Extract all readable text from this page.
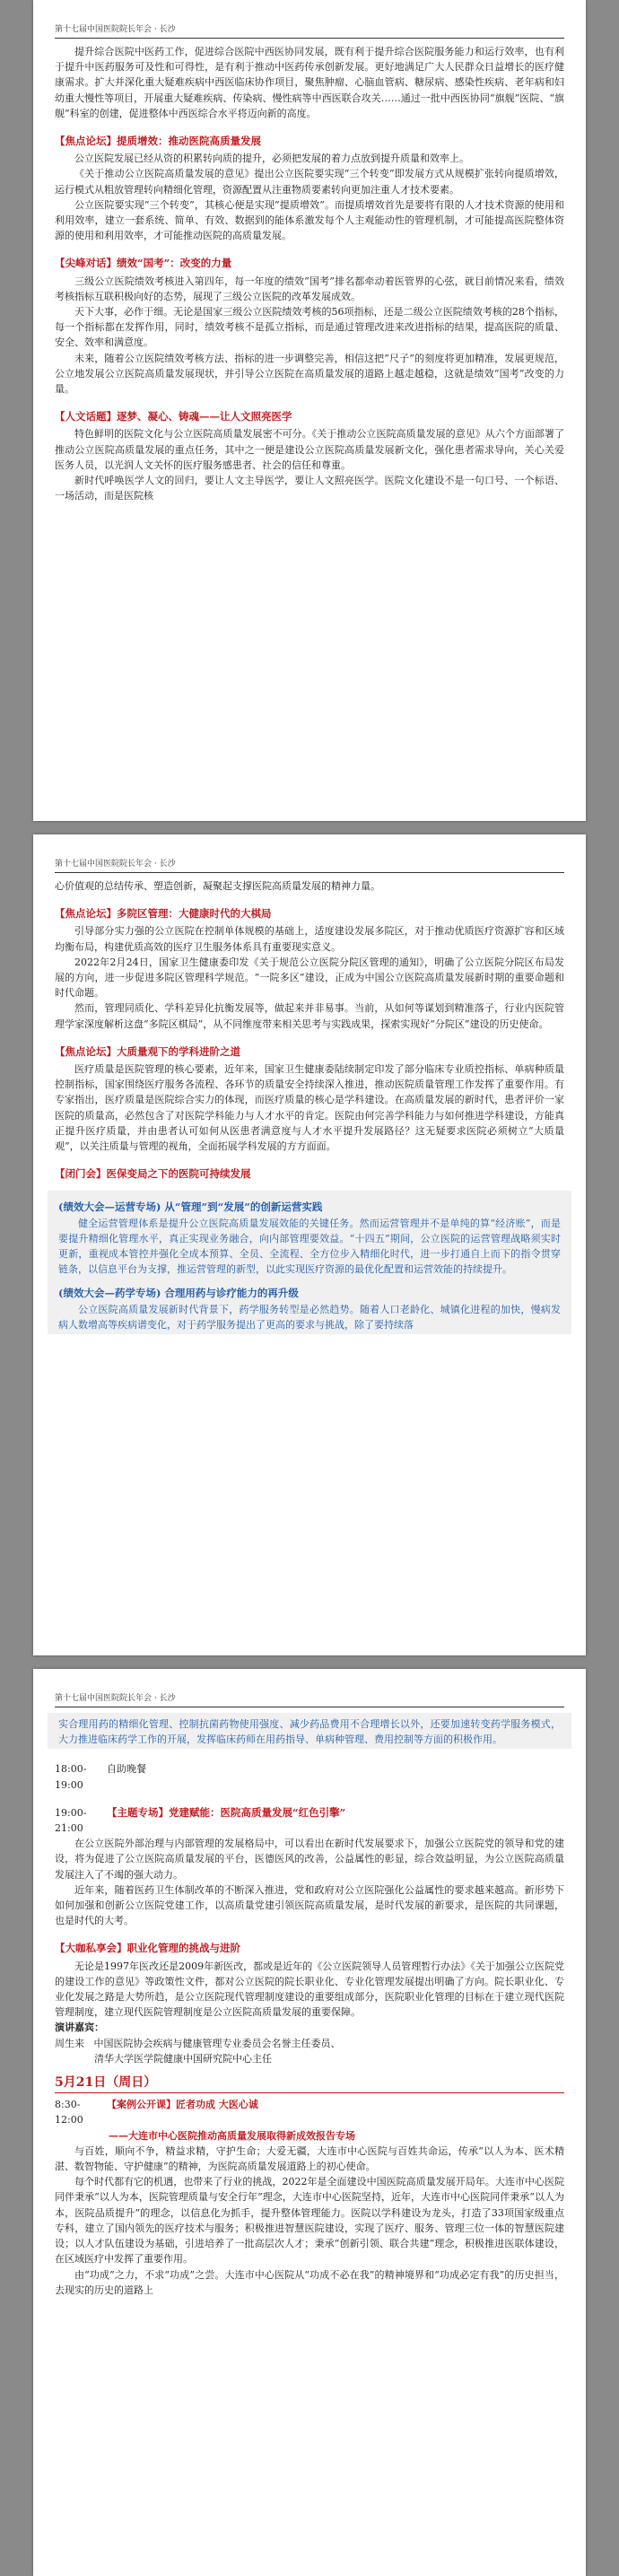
第十七届中国医院院长年会 · 长沙

提升综合医院中医药工作，促进综合医院中西医协同发展，既有利于提升综合医院服务能力和运行效率，也有利于提升中医药服务可及性和可得性，是有利于推动中医药传承创新发展。更好地满足广大人民群众日益增长的医疗健康需求。扩大并深化重大疑难疾病中西医临床协作项目，聚焦肿瘤、心脑血管病、糖尿病、感染性疾病、老年病和妇幼重大慢性等项目，开展重大疑难疾病、传染病、慢性病等中西医联合攻关……通过一批中西医协同“旗舰”医院、“旗舰”科室的创建，促进整体中西医综合水平将迈向新的高度。

【焦点论坛】提质增效：推动医院高质量发展

公立医院发展已经从资的积累转向质的提升，必须把发展的着力点放到提升质量和效率上。

《关于推动公立医院高质量发展的意见》提出公立医院要实现“三个转变”即发展方式从规模扩张转向提质增效，运行模式从粗放管理转向精细化管理，资源配置从注重物质要素转向更加注重人才技术要素。

公立医院要实现“三个转变”，其核心便是实现“提质增效”。而提质增效首先是要将有限的人才技术资源的使用和利用效率，建立一套系统、简单、有效、数据到的能体系激发每个人主观能动性的管理机制，才可能提高医院整体资源的使用和利用效率，才可能推动医院的高质量发展。

【尖峰对话】绩效“国考”：改变的力量

三级公立医院绩效考核进入第四年，每一年度的绩效“国考”排名都牵动着医管界的心弦，就目前情况来看，绩效考核指标互联积极向好的态势，展现了三级公立医院的改革发展成效。

天下大事，必作于细。无论是国家三级公立医院绩效考核的56项指标，还是二级公立医院绩效考核的28个指标，每一个指标都在发挥作用，同时，绩效考核不是孤立指标，而是通过管理改进来改进指标的结果，提高医院的质量、安全、效率和满意度。

未来，随着公立医院绩效考核方法、指标的进一步调整完善，相信这把“尺子”的刻度将更加精准，发展更规范，公立地发展公立医院高质量发展现状，并引导公立医院在高质量发展的道路上越走越稳，这就是绩效“国考”改变的力量。

【人文话题】逐梦、凝心、铸魂——让人文照亮医学

特色鲜明的医院文化与公立医院高质量发展密不可分。《关于推动公立医院高质量发展的意见》从六个方面部署了推动公立医院高质量发展的重点任务，其中之一便是建设公立医院高质量发展新文化，强化患者需求导向，关心关爱医务人员，以光润人文关怀的医疗服务感患者、社会的信任和尊重。

新时代呼唤医学人文的回归，要让人文主导医学，要让人文照亮医学。医院文化建设不是一句口号、一个标语、一场活动，而是医院核

第十七届中国医院院长年会 · 长沙

心价值观的总结传承、塑造创新，凝聚起支撑医院高质量发展的精神力量。

【焦点论坛】多院区管理：大健康时代的大棋局

引导部分实力强的公立医院在控制单体规模的基础上，适度建设发展多院区，对于推动优质医疗资源扩容和区域均衡布局，构建优质高效的医疗卫生服务体系具有重要现实意义。

2022年2月24日，国家卫生健康委印发《关于规范公立医院分院区管理的通知》，明确了公立医院分院区布局发展的方向，进一步促进多院区管理科学规范。“一院多区”建设，正成为中国公立医院高质量发展新时期的重要命题和时代命题。

然而，管理同质化、学科差异化抗衡发展等，做起来并非易事。当前，从如何等谋划到精准落子，行业内医院管理学家深度解析这盘“多院区棋局”，从不同维度带来相关思考与实践成果，探索实现好“分院区”建设的历史使命。

【焦点论坛】大质量观下的学科进阶之道

医疗质量是医院管理的核心要素，近年来，国家卫生健康委陆续制定印发了部分临床专业质控指标、单病种质量控制指标，国家围绕医疗服务各流程、各环节的质量安全持续深入推进，推动医院质量管理工作发挥了重要作用。有专家指出，医疗质量是医院综合实力的体现，而医疗质量的核心是学科建设。在高质量发展的新时代，患者评价一家医院的质量高，必然包含了对医院学科能力与人才水平的肯定。医院由何完善学科能力与如何推进学科建设，方能真正提升医疗质量，并由患者认可如何从医患者满意度与人才水平提升发展路径？这无疑要求医院必须树立“大质量观”，以关注质量与管理的视角，全面拓展学科发展的方方面面。

【闭门会】医保变局之下的医院可持续发展
(绩效大会—运营专场) 从“管理”到“发展”的创新运营实践

健全运营管理体系是提升公立医院高质量发展效能的关键任务。然而运营管理并不是单纯的算“经济账”，而是要提升精细化管理水平，真正实现业务融合，向内部管理要效益。“十四五”期间，公立医院的运营管理战略须实时更新，重视成本管控并强化全成本预算、全员、全流程、全方位步入精细化时代，进一步打通自上而下的指令贯穿链条，以信息平台为支撑，推运营管理的新型，以此实现医疗资源的最优化配置和运营效能的持续提升。

(绩效大会—药学专场) 合理用药与诊疗能力的再升级

公立医院高质量发展新时代背景下，药学服务转型是必然趋势。随着人口老龄化、城镇化进程的加快，慢病发病人数增高等疾病谱变化，对于药学服务提出了更高的要求与挑战，除了要持续落

第十七届中国医院院长年会 · 长沙

实合理用药的精细化管理、控制抗菌药物使用强度、减少药品费用不合理增长以外，还要加速转变药学服务模式，大力推进临床药学工作的开展，发挥临床药师在用药指导、单病种管理、费用控制等方面的积极作用。

18:00-19:00
自助晚餐
19:00-21:00
【主题专场】党建赋能：医院高质量发展“红色引擎”

在公立医院外部治理与内部管理的发展格局中，可以看出在新时代发展要求下，加强公立医院党的领导和党的建设，将为促进了公立医院高质量发展的平台，医德医风的改善，公益属性的彰显，综合效益明显，为公立医院高质量发展注入了不竭的强大动力。

近年来，随着医药卫生体制改革的不断深入推进，党和政府对公立医院强化公益属性的要求越来越高。新形势下如何加强和创新公立医院党建工作，以高质量党建引领医院高质量发展，是时代发展的新要求，是医院的共同课题，也是时代的大考。

【大咖私享会】职业化管理的挑战与进阶

无论是1997年医改还是2009年新医改，都或是近年的《公立医院领导人员管理暂行办法》《关于加强公立医院党的建设工作的意见》等政策性文件，都对公立医院的院长职业化、专业化管理发展提出明确了方向。院长职业化、专业化发展之路是大势所趋，是公立医院现代管理制度建设的重要组成部分，医院职业化管理的目标在于建立现代医院管理制度，建立现代医院管理制度是公立医院高质量发展的重要保障。

演讲嘉宾：

周生来 中国医院协会疾病与健康管理专业委员会名誉主任委员、
清华大学医学院健康中国研究院中心主任
5月21日（周日）
8:30-12:00
【案例公开课】匠者功成 大医心诚
——大连市中心医院推动高质量发展取得新成效报告专场

与百姓，顺向不争，精益求精，守护生命；大爱无疆，大连市中心医院与百姓共命运，传承“以人为本、医术精湛、数智物能、守护健康”的精神，为医院高质量发展道路上的初心使命。

每个时代都有它的机遇，也带来了行业的挑战，2022年是全面建设中国医院高质量发展开局年。大连市中心医院同伴秉承“以人为本，医院管理质量与安全行年”理念，大连市中心医院坚持，近年，大连市中心医院同伴秉承“以人为本，医院品质提升”的理念，以信息化为抓手，提升整体管理能力。医院以学科建设为龙头，打造了33项国家级重点专科，建立了国内领先的医疗技术与服务；积极推进智慧医院建设，实现了医疗、服务、管理三位一体的智慧医院建设；以人才队伍建设为基础，引进培养了一批高层次人才；秉承“创新引领、联合共建”理念，积极推进医联体建设，在区域医疗中发挥了重要作用。

由“功成”之力，不求“功成”之尝。大连市中心医院从“功成不必在我”的精神境界和“功成必定有我”的历史担当，去现实的历史的道路上
